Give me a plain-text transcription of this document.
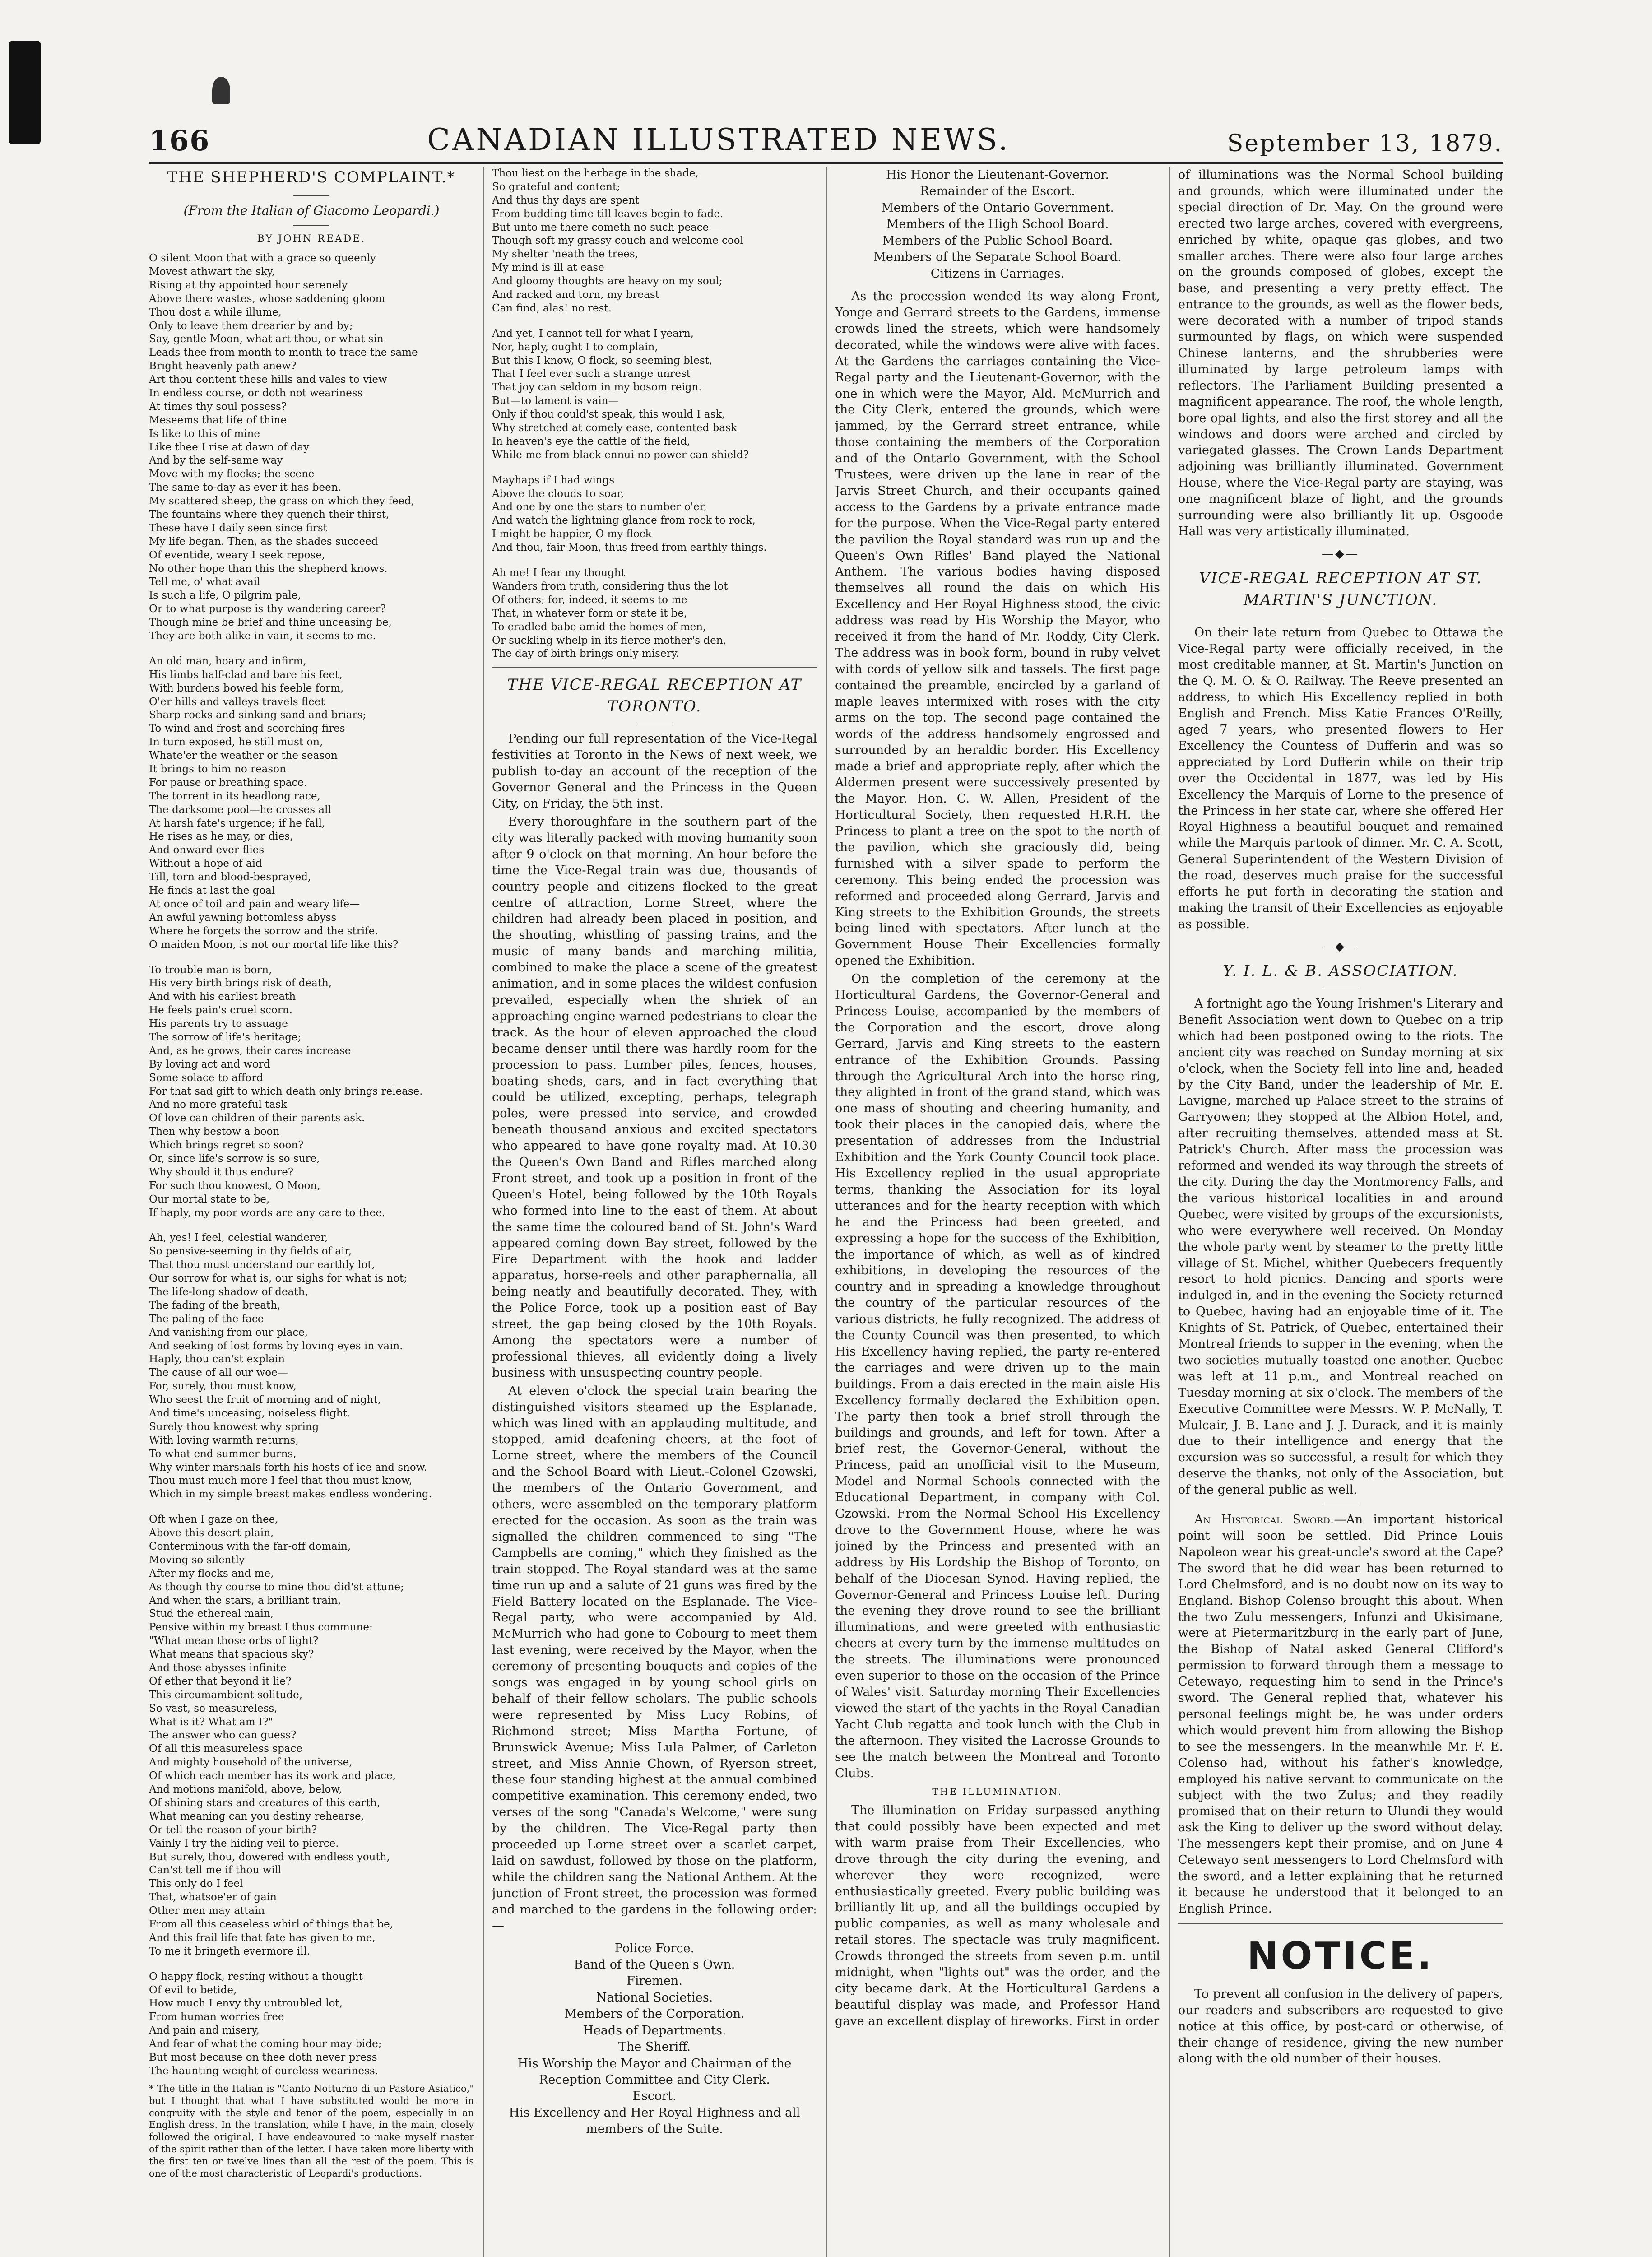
166	CANADIAN ILLUSTRATED NEWS.	September 13, 1879.
THE SHEPHERD'S COMPLAINT.*
(From the Italian of Giacomo Leopardi.)
BY JOHN READE.

O silent Moon that with a grace so queenly

Movest athwart the sky,

Rising at thy appointed hour serenely

Above there wastes, whose saddening gloom

Thou dost a while illume,

Only to leave them drearier by and by;

Say, gentle Moon, what art thou, or what sin

Leads thee from month to month to trace the same

Bright heavenly path anew?

Art thou content these hills and vales to view

In endless course, or doth not weariness

At times thy soul possess?

Meseems that life of thine

Is like to this of mine

Like thee I rise at dawn of day

And by the self-same way

Move with my flocks; the scene

The same to-day as ever it has been.

My scattered sheep, the grass on which they feed,

The fountains where they quench their thirst,

These have I daily seen since first

My life began. Then, as the shades succeed

Of eventide, weary I seek repose,

No other hope than this the shepherd knows.

Tell me, o' what avail

Is such a life, O pilgrim pale,

Or to what purpose is thy wandering career?

Though mine be brief and thine unceasing be,

They are both alike in vain, it seems to me.

An old man, hoary and infirm,

His limbs half-clad and bare his feet,

With burdens bowed his feeble form,

O'er hills and valleys travels fleet

Sharp rocks and sinking sand and briars;

To wind and frost and scorching fires

In turn exposed, he still must on,

Whate'er the weather or the season

It brings to him no reason

For pause or breathing space.

The torrent in its headlong race,

The darksome pool—he crosses all

At harsh fate's urgence; if he fall,

He rises as he may, or dies,

And onward ever flies

Without a hope of aid

Till, torn and blood-besprayed,

He finds at last the goal

At once of toil and pain and weary life—

An awful yawning bottomless abyss

Where he forgets the sorrow and the strife.

O maiden Moon, is not our mortal life like this?

To trouble man is born,

His very birth brings risk of death,

And with his earliest breath

He feels pain's cruel scorn.

His parents try to assuage

The sorrow of life's heritage;

And, as he grows, their cares increase

By loving act and word

Some solace to afford

For that sad gift to which death only brings release.

And no more grateful task

Of love can children of their parents ask.

Then why bestow a boon

Which brings regret so soon?

Or, since life's sorrow is so sure,

Why should it thus endure?

For such thou knowest, O Moon,

Our mortal state to be,

If haply, my poor words are any care to thee.

Ah, yes! I feel, celestial wanderer,

So pensive-seeming in thy fields of air,

That thou must understand our earthly lot,

Our sorrow for what is, our sighs for what is not;

The life-long shadow of death,

The fading of the breath,

The paling of the face

And vanishing from our place,

And seeking of lost forms by loving eyes in vain.

Haply, thou can'st explain

The cause of all our woe—

For, surely, thou must know,

Who seest the fruit of morning and of night,

And time's unceasing, noiseless flight.

Surely thou knowest why spring

With loving warmth returns,

To what end summer burns,

Why winter marshals forth his hosts of ice and snow.

Thou must much more I feel that thou must know,

Which in my simple breast makes endless wondering.

Oft when I gaze on thee,

Above this desert plain,

Conterminous with the far-off domain,

Moving so silently

After my flocks and me,

As though thy course to mine thou did'st attune;

And when the stars, a brilliant train,

Stud the ethereal main,

Pensive within my breast I thus commune:

"What mean those orbs of light?

What means that spacious sky?

And those abysses infinite

Of ether that beyond it lie?

This circumambient solitude,

So vast, so measureless,

What is it? What am I?"

The answer who can guess?

Of all this measureless space

And mighty household of the universe,

Of which each member has its work and place,

And motions manifold, above, below,

Of shining stars and creatures of this earth,

What meaning can you destiny rehearse,

Or tell the reason of your birth?

Vainly I try the hiding veil to pierce.

But surely, thou, dowered with endless youth,

Can'st tell me if thou will

This only do I feel

That, whatsoe'er of gain

Other men may attain

From all this ceaseless whirl of things that be,

And this frail life that fate has given to me,

To me it bringeth evermore ill.

O happy flock, resting without a thought

Of evil to betide,

How much I envy thy untroubled lot,

From human worries free

And pain and misery,

And fear of what the coming hour may bide;

But most because on thee doth never press

The haunting weight of cureless weariness.

* The title in the Italian is "Canto Notturno di un Pastore Asiatico," but I thought that what I have substituted would be more in congruity with the style and tenor of the poem, especially in an English dress. In the translation, while I have, in the main, closely followed the original, I have endeavoured to make myself master of the spirit rather than of the letter. I have taken more liberty with the first ten or twelve lines than all the rest of the poem. This is one of the most characteristic of Leopardi's productions.

Thou liest on the herbage in the shade,

So grateful and content;

And thus thy days are spent

From budding time till leaves begin to fade.

But unto me there cometh no such peace—

Though soft my grassy couch and welcome cool

My shelter 'neath the trees,

My mind is ill at ease

And gloomy thoughts are heavy on my soul;

And racked and torn, my breast

Can find, alas! no rest.

And yet, I cannot tell for what I yearn,

Nor, haply, ought I to complain,

But this I know, O flock, so seeming blest,

That I feel ever such a strange unrest

That joy can seldom in my bosom reign.

But—to lament is vain—

Only if thou could'st speak, this would I ask,

Why stretched at comely ease, contented bask

In heaven's eye the cattle of the field,

While me from black ennui no power can shield?

Mayhaps if I had wings

Above the clouds to soar,

And one by one the stars to number o'er,

And watch the lightning glance from rock to rock,

I might be happier, O my flock

And thou, fair Moon, thus freed from earthly things.

Ah me! I fear my thought

Wanders from truth, considering thus the lot

Of others; for, indeed, it seems to me

That, in whatever form or state it be,

To cradled babe amid the homes of men,

Or suckling whelp in its fierce mother's den,

The day of birth brings only misery.

THE VICE-REGAL RECEPTION AT TORONTO.

Pending our full representation of the Vice-Regal festivities at Toronto in the News of next week, we publish to-day an account of the reception of the Governor General and the Princess in the Queen City, on Friday, the 5th inst.

Every thoroughfare in the southern part of the city was literally packed with moving humanity soon after 9 o'clock on that morning. An hour before the time the Vice-Regal train was due, thousands of country people and citizens flocked to the great centre of attraction, Lorne Street, where the children had already been placed in position, and the shouting, whistling of passing trains, and the music of many bands and marching militia, combined to make the place a scene of the greatest animation, and in some places the wildest confusion prevailed, especially when the shriek of an approaching engine warned pedestrians to clear the track. As the hour of eleven approached the cloud became denser until there was hardly room for the procession to pass. Lumber piles, fences, houses, boating sheds, cars, and in fact everything that could be utilized, excepting, perhaps, telegraph poles, were pressed into service, and crowded beneath thousand anxious and excited spectators who appeared to have gone royalty mad. At 10.30 the Queen's Own Band and Rifles marched along Front street, and took up a position in front of the Queen's Hotel, being followed by the 10th Royals who formed into line to the east of them. At about the same time the coloured band of St. John's Ward appeared coming down Bay street, followed by the Fire Department with the hook and ladder apparatus, horse-reels and other paraphernalia, all being neatly and beautifully decorated. They, with the Police Force, took up a position east of Bay street, the gap being closed by the 10th Royals. Among the spectators were a number of professional thieves, all evidently doing a lively business with unsuspecting country people.

At eleven o'clock the special train bearing the distinguished visitors steamed up the Esplanade, which was lined with an applauding multitude, and stopped, amid deafening cheers, at the foot of Lorne street, where the members of the Council and the School Board with Lieut.-Colonel Gzowski, the members of the Ontario Government, and others, were assembled on the temporary platform erected for the occasion. As soon as the train was signalled the children commenced to sing "The Campbells are coming," which they finished as the train stopped. The Royal standard was at the same time run up and a salute of 21 guns was fired by the Field Battery located on the Esplanade. The Vice-Regal party, who were accompanied by Ald. McMurrich who had gone to Cobourg to meet them last evening, were received by the Mayor, when the ceremony of presenting bouquets and copies of the songs was engaged in by young school girls on behalf of their fellow scholars. The public schools were represented by Miss Lucy Robins, of Richmond street; Miss Martha Fortune, of Brunswick Avenue; Miss Lula Palmer, of Carleton street, and Miss Annie Chown, of Ryerson street, these four standing highest at the annual combined competitive examination. This ceremony ended, two verses of the song "Canada's Welcome," were sung by the children. The Vice-Regal party then proceeded up Lorne street over a scarlet carpet, laid on sawdust, followed by those on the platform, while the children sang the National Anthem. At the junction of Front street, the procession was formed and marched to the gardens in the following order:—

Police Force.

Band of the Queen's Own.

Firemen.

National Societies.

Members of the Corporation.

Heads of Departments.

The Sheriff.

His Worship the Mayor and Chairman of the

Reception Committee and City Clerk.

Escort.

His Excellency and Her Royal Highness and all

members of the Suite.

His Honor the Lieutenant-Governor.

Remainder of the Escort.

Members of the Ontario Government.

Members of the High School Board.

Members of the Public School Board.

Members of the Separate School Board.

Citizens in Carriages.

As the procession wended its way along Front, Yonge and Gerrard streets to the Gardens, immense crowds lined the streets, which were handsomely decorated, while the windows were alive with faces. At the Gardens the carriages containing the Vice-Regal party and the Lieutenant-Governor, with the one in which were the Mayor, Ald. McMurrich and the City Clerk, entered the grounds, which were jammed, by the Gerrard street entrance, while those containing the members of the Corporation and of the Ontario Government, with the School Trustees, were driven up the lane in rear of the Jarvis Street Church, and their occupants gained access to the Gardens by a private entrance made for the purpose. When the Vice-Regal party entered the pavilion the Royal standard was run up and the Queen's Own Rifles' Band played the National Anthem. The various bodies having disposed themselves all round the dais on which His Excellency and Her Royal Highness stood, the civic address was read by His Worship the Mayor, who received it from the hand of Mr. Roddy, City Clerk. The address was in book form, bound in ruby velvet with cords of yellow silk and tassels. The first page contained the preamble, encircled by a garland of maple leaves intermixed with roses with the city arms on the top. The second page contained the words of the address handsomely engrossed and surrounded by an heraldic border. His Excellency made a brief and appropriate reply, after which the Aldermen present were successively presented by the Mayor. Hon. C. W. Allen, President of the Horticultural Society, then requested H.R.H. the Princess to plant a tree on the spot to the north of the pavilion, which she graciously did, being furnished with a silver spade to perform the ceremony. This being ended the procession was reformed and proceeded along Gerrard, Jarvis and King streets to the Exhibition Grounds, the streets being lined with spectators. After lunch at the Government House Their Excellencies formally opened the Exhibition.

On the completion of the ceremony at the Horticultural Gardens, the Governor-General and Princess Louise, accompanied by the members of the Corporation and the escort, drove along Gerrard, Jarvis and King streets to the eastern entrance of the Exhibition Grounds. Passing through the Agricultural Arch into the horse ring, they alighted in front of the grand stand, which was one mass of shouting and cheering humanity, and took their places in the canopied dais, where the presentation of addresses from the Industrial Exhibition and the York County Council took place. His Excellency replied in the usual appropriate terms, thanking the Association for its loyal utterances and for the hearty reception with which he and the Princess had been greeted, and expressing a hope for the success of the Exhibition, the importance of which, as well as of kindred exhibitions, in developing the resources of the country and in spreading a knowledge throughout the country of the particular resources of the various districts, he fully recognized. The address of the County Council was then presented, to which His Excellency having replied, the party re-entered the carriages and were driven up to the main buildings. From a dais erected in the main aisle His Excellency formally declared the Exhibition open. The party then took a brief stroll through the buildings and grounds, and left for town. After a brief rest, the Governor-General, without the Princess, paid an unofficial visit to the Museum, Model and Normal Schools connected with the Educational Department, in company with Col. Gzowski. From the Normal School His Excellency drove to the Government House, where he was joined by the Princess and presented with an address by His Lordship the Bishop of Toronto, on behalf of the Diocesan Synod. Having replied, the Governor-General and Princess Louise left. During the evening they drove round to see the brilliant illuminations, and were greeted with enthusiastic cheers at every turn by the immense multitudes on the streets. The illuminations were pronounced even superior to those on the occasion of the Prince of Wales' visit. Saturday morning Their Excellencies viewed the start of the yachts in the Royal Canadian Yacht Club regatta and took lunch with the Club in the afternoon. They visited the Lacrosse Grounds to see the match between the Montreal and Toronto Clubs.

THE ILLUMINATION.

The illumination on Friday surpassed anything that could possibly have been expected and met with warm praise from Their Excellencies, who drove through the city during the evening, and wherever they were recognized, were enthusiastically greeted. Every public building was brilliantly lit up, and all the buildings occupied by public companies, as well as many wholesale and retail stores. The spectacle was truly magnificent. Crowds thronged the streets from seven p.m. until midnight, when "lights out" was the order, and the city became dark. At the Horticultural Gardens a beautiful display was made, and Professor Hand gave an excellent display of fireworks. First in order

of illuminations was the Normal School building and grounds, which were illuminated under the special direction of Dr. May. On the ground were erected two large arches, covered with evergreens, enriched by white, opaque gas globes, and two smaller arches. There were also four large arches on the grounds composed of globes, except the base, and presenting a very pretty effect. The entrance to the grounds, as well as the flower beds, were decorated with a number of tripod stands surmounted by flags, on which were suspended Chinese lanterns, and the shrubberies were illuminated by large petroleum lamps with reflectors. The Parliament Building presented a magnificent appearance. The roof, the whole length, bore opal lights, and also the first storey and all the windows and doors were arched and circled by variegated glasses. The Crown Lands Department adjoining was brilliantly illuminated. Government House, where the Vice-Regal party are staying, was one magnificent blaze of light, and the grounds surrounding were also brilliantly lit up. Osgoode Hall was very artistically illuminated.

—◆—
VICE-REGAL RECEPTION AT ST. MARTIN'S JUNCTION.

On their late return from Quebec to Ottawa the Vice-Regal party were officially received, in the most creditable manner, at St. Martin's Junction on the Q. M. O. & O. Railway. The Reeve presented an address, to which His Excellency replied in both English and French. Miss Katie Frances O'Reilly, aged 7 years, who presented flowers to Her Excellency the Countess of Dufferin and was so appreciated by Lord Dufferin while on their trip over the Occidental in 1877, was led by His Excellency the Marquis of Lorne to the presence of the Princess in her state car, where she offered Her Royal Highness a beautiful bouquet and remained while the Marquis partook of dinner. Mr. C. A. Scott, General Superintendent of the Western Division of the road, deserves much praise for the successful efforts he put forth in decorating the station and making the transit of their Excellencies as enjoyable as possible.

—◆—
Y. I. L. & B. ASSOCIATION.

A fortnight ago the Young Irishmen's Literary and Benefit Association went down to Quebec on a trip which had been postponed owing to the riots. The ancient city was reached on Sunday morning at six o'clock, when the Society fell into line and, headed by the City Band, under the leadership of Mr. E. Lavigne, marched up Palace street to the strains of Garryowen; they stopped at the Albion Hotel, and, after recruiting themselves, attended mass at St. Patrick's Church. After mass the procession was reformed and wended its way through the streets of the city. During the day the Montmorency Falls, and the various historical localities in and around Quebec, were visited by groups of the excursionists, who were everywhere well received. On Monday the whole party went by steamer to the pretty little village of St. Michel, whither Quebecers frequently resort to hold picnics. Dancing and sports were indulged in, and in the evening the Society returned to Quebec, having had an enjoyable time of it. The Knights of St. Patrick, of Quebec, entertained their Montreal friends to supper in the evening, when the two societies mutually toasted one another. Quebec was left at 11 p.m., and Montreal reached on Tuesday morning at six o'clock. The members of the Executive Committee were Messrs. W. P. McNally, T. Mulcair, J. B. Lane and J. J. Durack, and it is mainly due to their intelligence and energy that the excursion was so successful, a result for which they deserve the thanks, not only of the Association, but of the general public as well.

An Historical Sword.—An important historical point will soon be settled. Did Prince Louis Napoleon wear his great-uncle's sword at the Cape? The sword that he did wear has been returned to Lord Chelmsford, and is no doubt now on its way to England. Bishop Colenso brought this about. When the two Zulu messengers, Infunzi and Ukisimane, were at Pietermaritzburg in the early part of June, the Bishop of Natal asked General Clifford's permission to forward through them a message to Cetewayo, requesting him to send in the Prince's sword. The General replied that, whatever his personal feelings might be, he was under orders which would prevent him from allowing the Bishop to see the messengers. In the meanwhile Mr. F. E. Colenso had, without his father's knowledge, employed his native servant to communicate on the subject with the two Zulus; and they readily promised that on their return to Ulundi they would ask the King to deliver up the sword without delay. The messengers kept their promise, and on June 4 Cetewayo sent messengers to Lord Chelmsford with the sword, and a letter explaining that he returned it because he understood that it belonged to an English Prince.

NOTICE.

To prevent all confusion in the delivery of papers, our readers and subscribers are requested to give notice at this office, by post-card or otherwise, of their change of residence, giving the new number along with the old number of their houses.
